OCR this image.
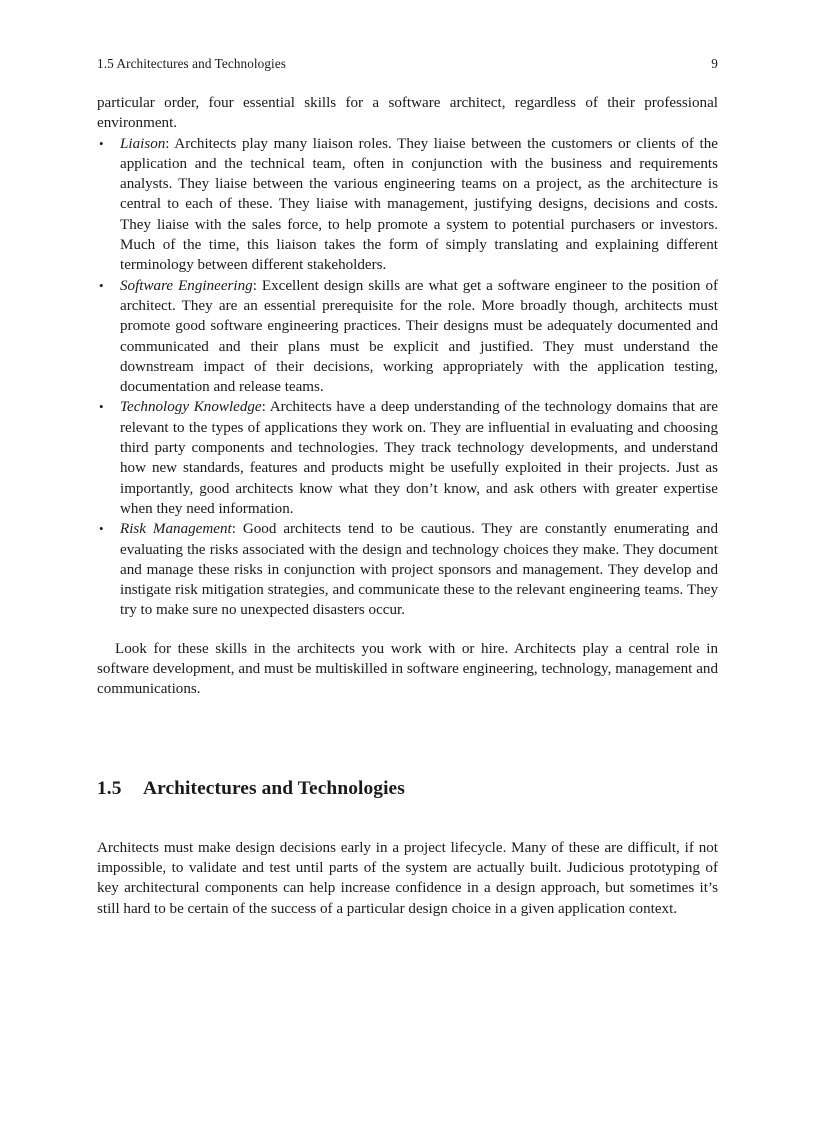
1.5 Architectures and Technologies	9

particular order, four essential skills for a software architect, regardless of their professional environment.

• Liaison: Architects play many liaison roles. They liaise between the customers or clients of the application and the technical team, often in conjunction with the business and requirements analysts. They liaise between the various engineering teams on a project, as the architecture is central to each of these. They liaise with management, justifying designs, decisions and costs. They liaise with the sales force, to help promote a system to potential purchasers or investors. Much of the time, this liaison takes the form of simply translating and explaining different terminology between different stakeholders.
• Software Engineering: Excellent design skills are what get a software engineer to the position of architect. They are an essential prerequisite for the role. More broadly though, architects must promote good software engineering practices. Their designs must be adequately documented and communicated and their plans must be explicit and justified. They must understand the downstream impact of their decisions, working appropriately with the application testing, documentation and release teams.
• Technology Knowledge: Architects have a deep understanding of the technology domains that are relevant to the types of applications they work on. They are influential in evaluating and choosing third party components and technologies. They track technology developments, and understand how new standards, features and products might be usefully exploited in their projects. Just as importantly, good architects know what they don’t know, and ask others with greater expertise when they need information.
• Risk Management: Good architects tend to be cautious. They are constantly enumerating and evaluating the risks associated with the design and technology choices they make. They document and manage these risks in conjunction with project sponsors and management. They develop and instigate risk mitigation strategies, and communicate these to the relevant engineering teams. They try to make sure no unexpected disasters occur.

Look for these skills in the architects you work with or hire. Architects play a central role in software development, and must be multiskilled in software engineering, technology, management and communications.

1.5 Architectures and Technologies

Architects must make design decisions early in a project lifecycle. Many of these are difficult, if not impossible, to validate and test until parts of the system are actually built. Judicious prototyping of key architectural components can help increase confidence in a design approach, but sometimes it’s still hard to be certain of the success of a particular design choice in a given application context.
